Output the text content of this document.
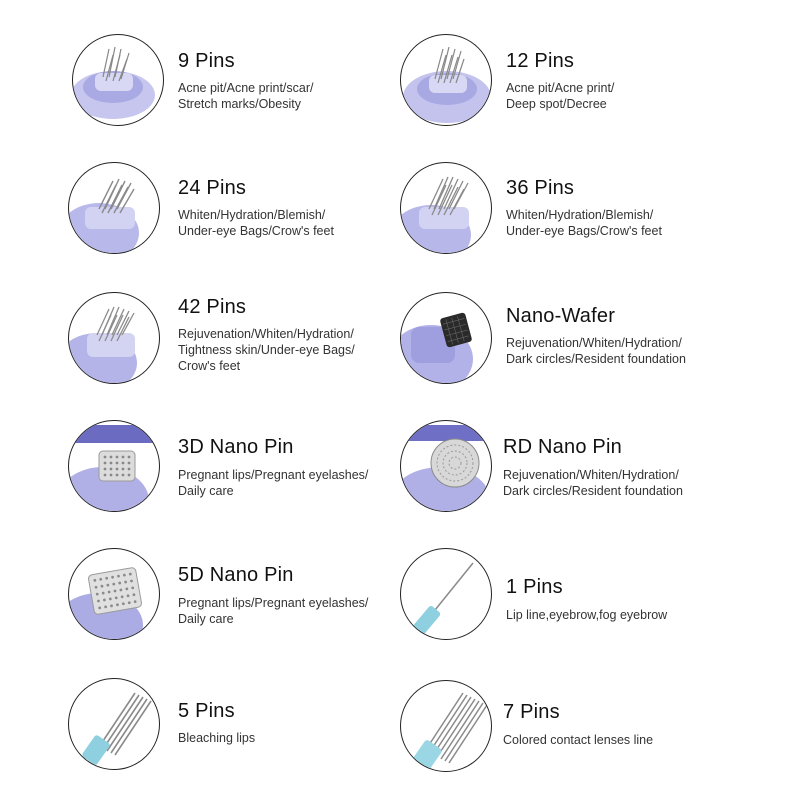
9 Pins
Acne pit/Acne print/scar/
Stretch marks/Obesity
24 Pins
Whiten/Hydration/Blemish/
Under-eye Bags/Crow's feet
42 Pins
Rejuvenation/Whiten/Hydration/
Tightness skin/Under-eye Bags/
Crow's feet
3D Nano Pin
Pregnant lips/Pregnant eyelashes/
Daily care
5D Nano Pin
Pregnant lips/Pregnant eyelashes/
Daily care
5 Pins
Bleaching lips
12 Pins
Acne pit/Acne print/
Deep spot/Decree
36 Pins
Whiten/Hydration/Blemish/
Under-eye Bags/Crow's feet
Nano-Wafer
Rejuvenation/Whiten/Hydration/
Dark circles/Resident foundation
RD Nano Pin
Rejuvenation/Whiten/Hydration/
Dark circles/Resident foundation
1 Pins
Lip line,eyebrow,fog eyebrow
7 Pins
Colored contact lenses line
